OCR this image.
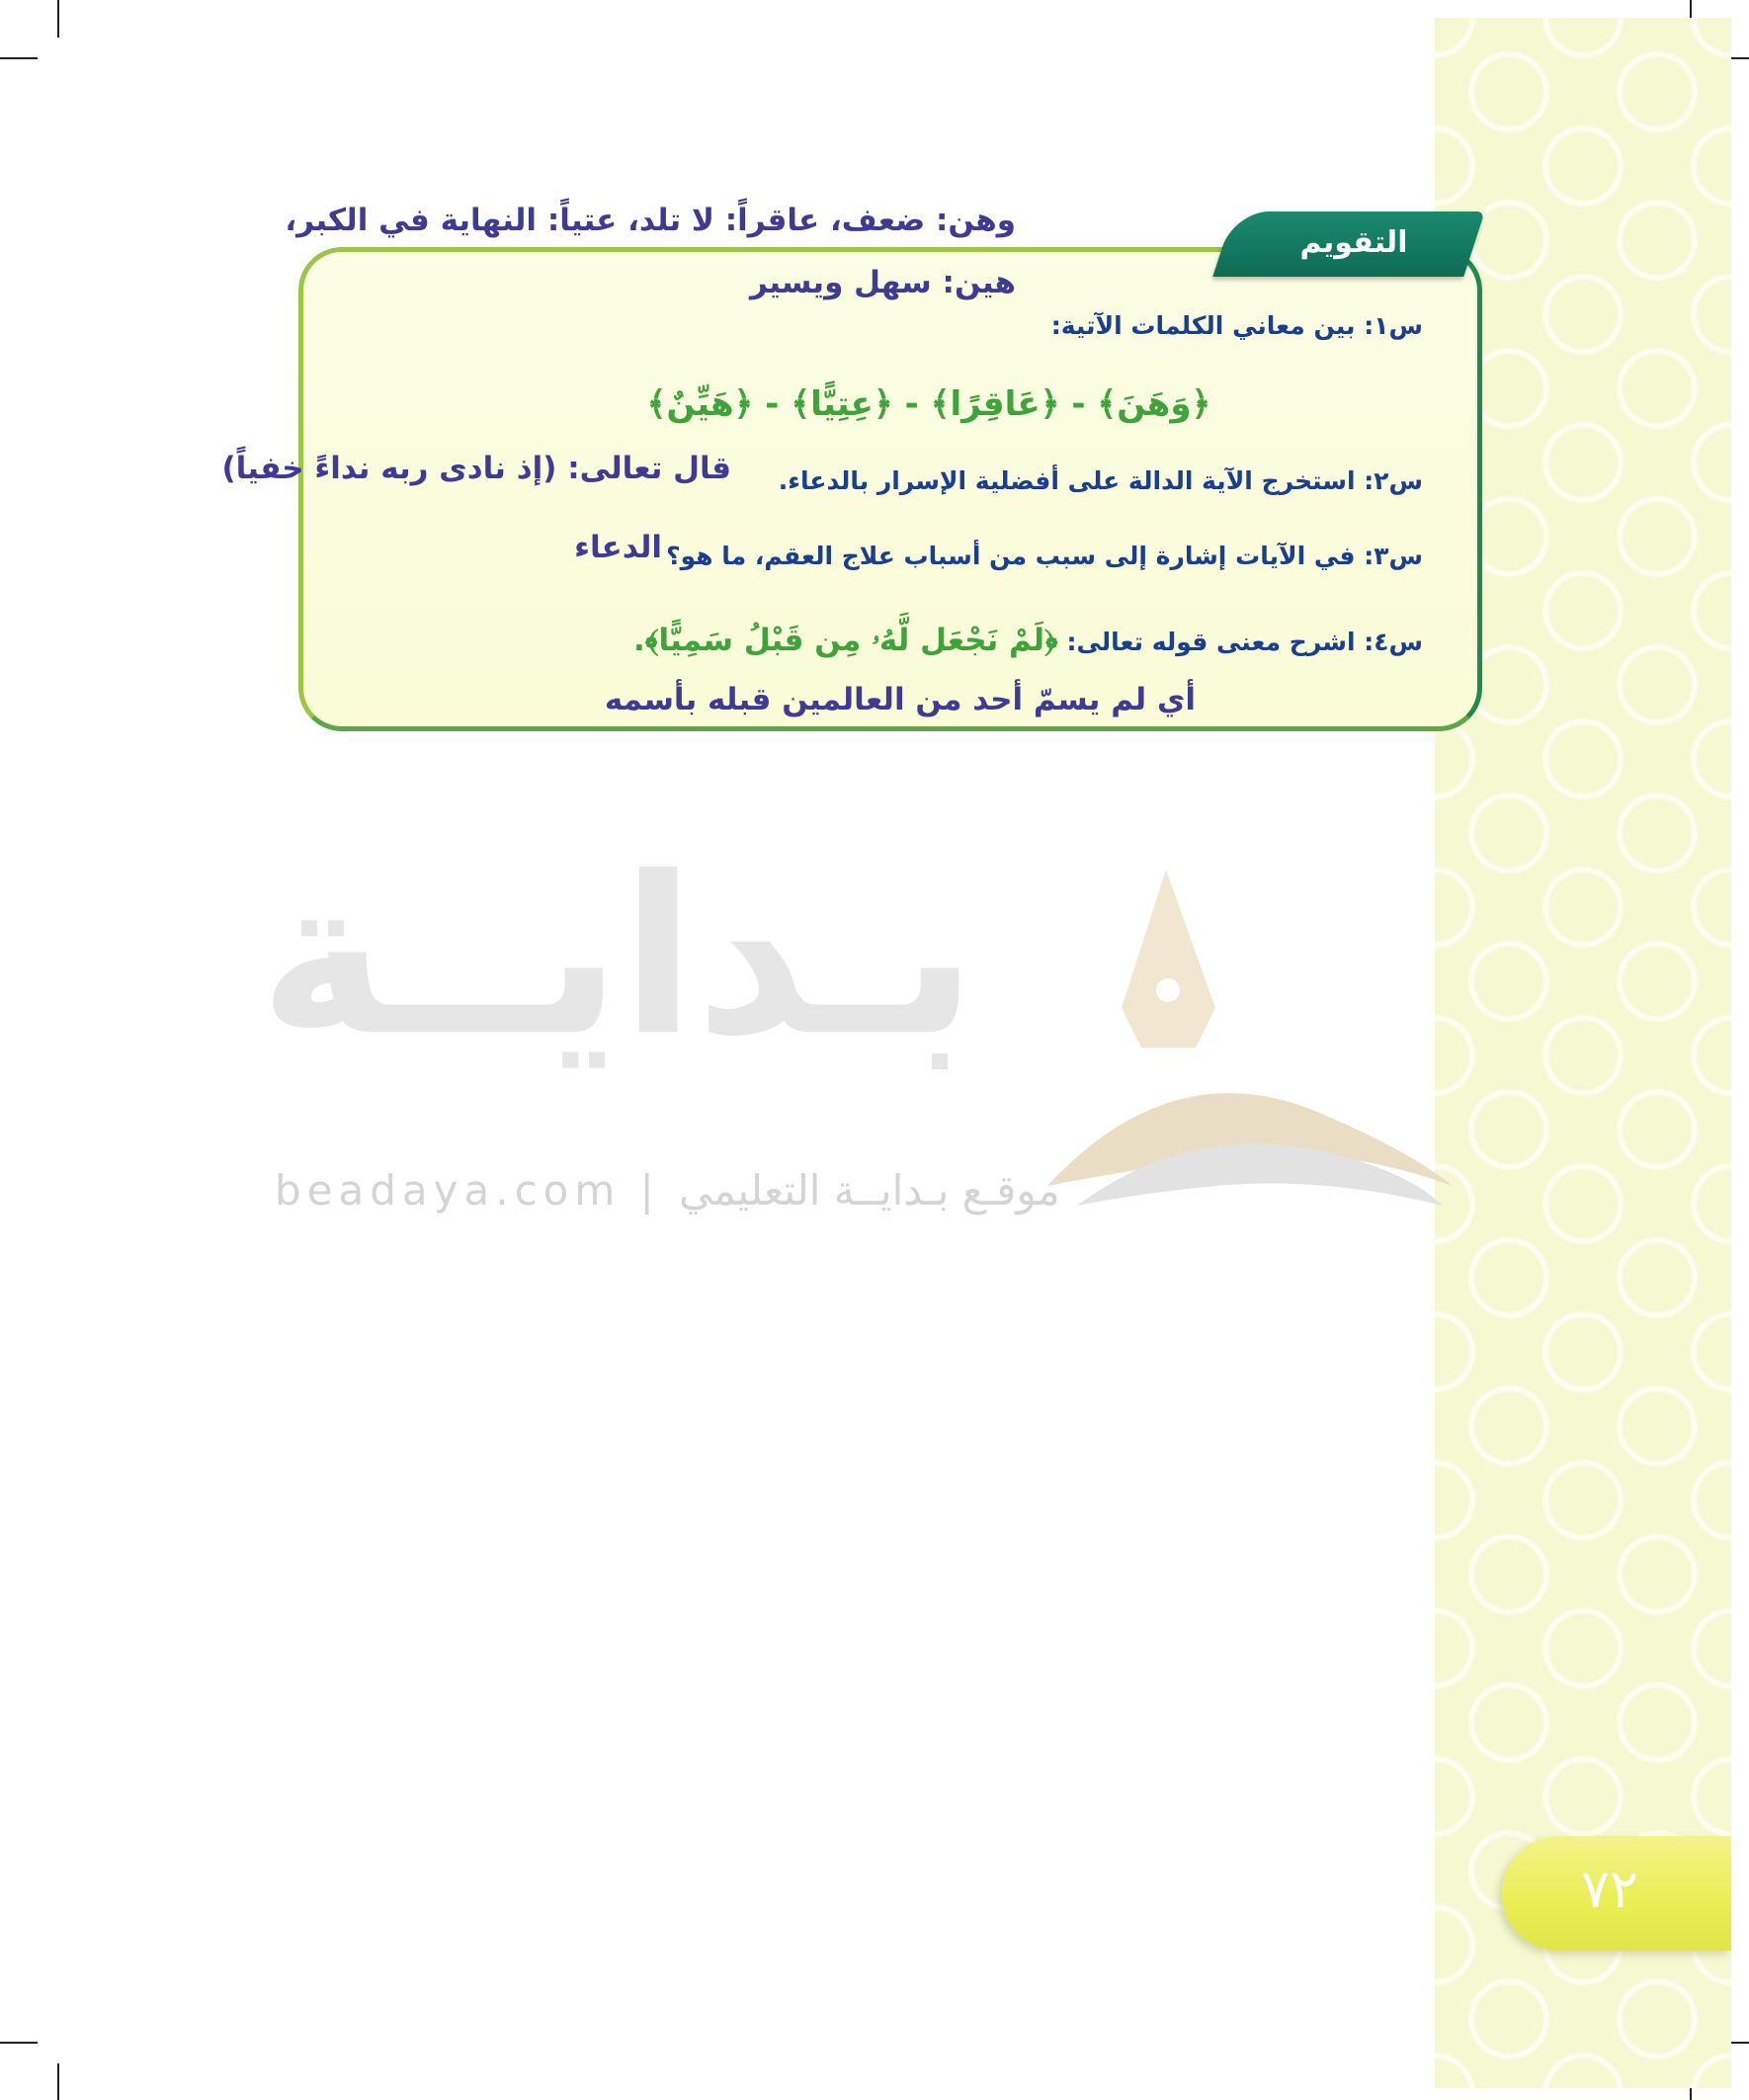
٧٢
بـدايــة
beadaya.com | موقـع بـدايــة التعليمي
التقويم
وهن: ضعف، عاقراً: لا تلد، عتياً: النهاية في الكبر،
هين: سهل ويسير
س١: بين معاني الكلمات الآتية:
﴿وَهَنَ﴾ - ﴿عَاقِرًا﴾ - ﴿عِتِيًّا﴾ - ﴿هَيِّنٌ﴾
س٢: استخرج الآية الدالة على أفضلية الإسرار بالدعاء.
قال تعالى: (إذ نادى ربه نداءً خفياً)
س٣: في الآيات إشارة إلى سبب من أسباب علاج العقم، ما هو؟
الدعاء
س٤: اشرح معنى قوله تعالى: ﴿لَمْ نَجْعَل لَّهُۥ مِن قَبْلُ سَمِيًّا﴾.
أي لم يسمّ أحد من العالمين قبله بأسمه
